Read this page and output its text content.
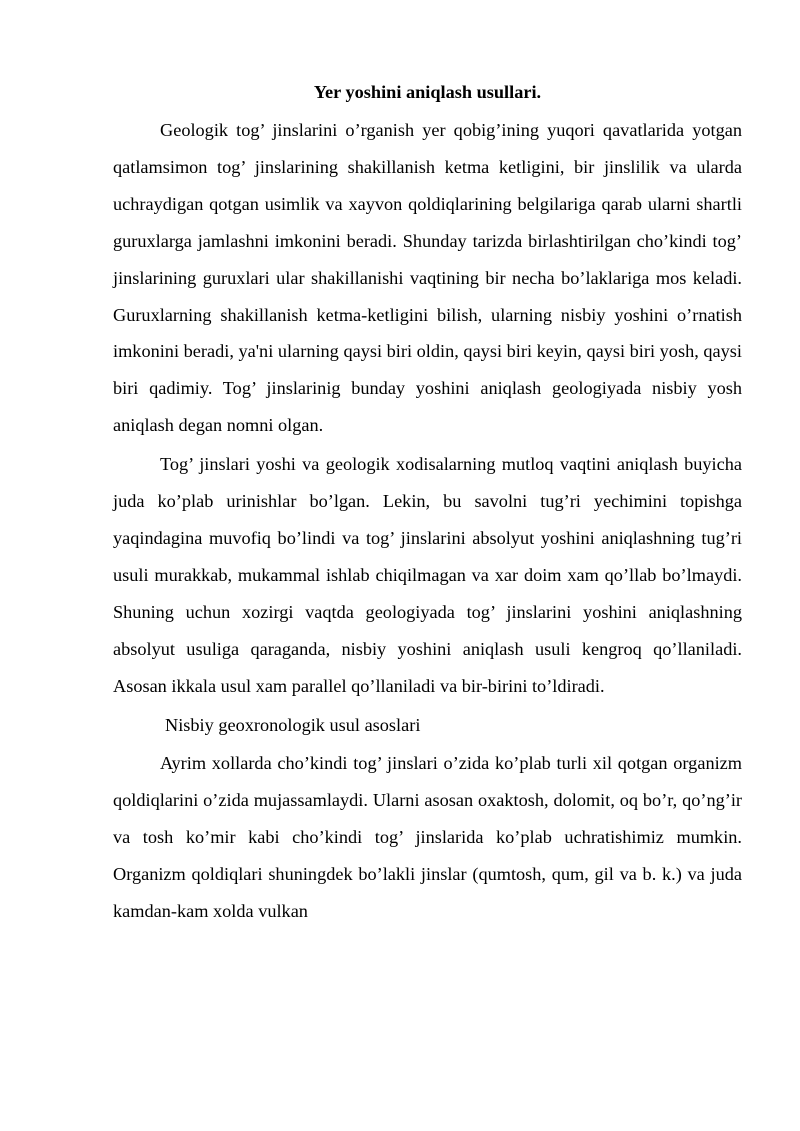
Yer yoshini aniqlash usullari.

Geologik tog’ jinslarini o’rganish yer qobig’ining yuqori qavatlarida yotgan qatlamsimon tog’ jinslarining shakillanish ketma ketligini, bir jinslilik va ularda uchraydigan qotgan usimlik va xayvon qoldiqlarining belgilariga qarab ularni shartli guruxlarga jamlashni imkonini beradi. Shunday tarizda birlashtirilgan cho’kindi tog’ jinslarining guruxlari ular shakillanishi vaqtining bir necha bo’laklariga mos keladi. Guruxlarning shakillanish ketma-ketligini bilish, ularning nisbiy yoshini o’rnatish imkonini beradi, ya'ni ularning qaysi biri oldin, qaysi biri keyin, qaysi biri yosh, qaysi biri qadimiy. Tog’ jinslarinig bunday yoshini aniqlash geologiyada nisbiy yosh aniqlash degan nomni olgan.

Tog’ jinslari yoshi va geologik xodisalarning mutloq vaqtini aniqlash buyicha juda ko’plab urinishlar bo’lgan. Lekin, bu savolni tug’ri yechimini topishga yaqindagina muvofiq bo’lindi va tog’ jinslarini absolyut yoshini aniqlashning tug’ri usuli murakkab, mukammal ishlab chiqilmagan va xar doim xam qo’llab bo’lmaydi. Shuning uchun xozirgi vaqtda geologiyada tog’ jinslarini yoshini aniqlashning absolyut usuliga qaraganda, nisbiy yoshini aniqlash usuli kengroq qo’llaniladi. Asosan ikkala usul xam parallel qo’llaniladi va bir-birini to’ldiradi.

Nisbiy geoxronologik usul asoslari

Ayrim xollarda cho’kindi tog’ jinslari o’zida ko’plab turli xil qotgan organizm qoldiqlarini o’zida mujassamlaydi. Ularni asosan oxaktosh, dolomit, oq bo’r, qo’ng’ir va tosh ko’mir kabi cho’kindi tog’ jinslarida ko’plab uchratishimiz mumkin. Organizm qoldiqlari shuningdek bo’lakli jinslar (qumtosh, qum, gil va b. k.) va juda kamdan-kam xolda vulkan
